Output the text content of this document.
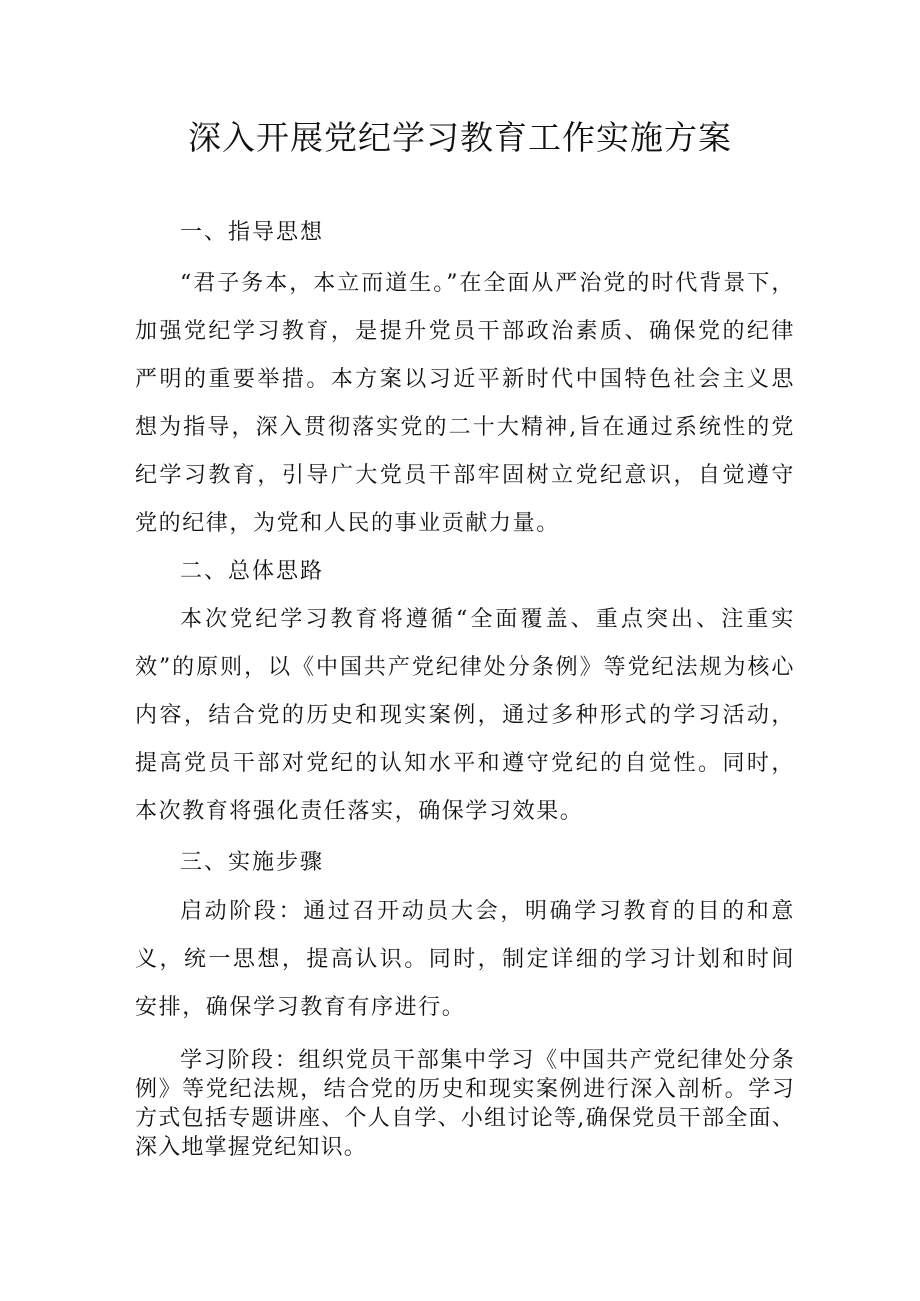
深入开展党纪学习教育工作实施方案
一、指导思想

“君子务本，本立而道生。”在全面从严治党的时代背景下，加强党纪学习教育，是提升党员干部政治素质、确保党的纪律严明的重要举措。本方案以习近平新时代中国特色社会主义思想为指导，深入贯彻落实党的二十大精神,旨在通过系统性的党纪学习教育，引导广大党员干部牢固树立党纪意识，自觉遵守党的纪律，为党和人民的事业贡献力量。

二、总体思路

本次党纪学习教育将遵循“全面覆盖、重点突出、注重实效”的原则，以《中国共产党纪律处分条例》等党纪法规为核心内容，结合党的历史和现实案例，通过多种形式的学习活动，提高党员干部对党纪的认知水平和遵守党纪的自觉性。同时，本次教育将强化责任落实，确保学习效果。

三、实施步骤

启动阶段：通过召开动员大会，明确学习教育的目的和意义，统一思想，提高认识。同时，制定详细的学习计划和时间安排，确保学习教育有序进行。

学习阶段：组织党员干部集中学习《中国共产党纪律处分条例》等党纪法规，结合党的历史和现实案例进行深入剖析。学习方式包括专题讲座、个人自学、小组讨论等,确保党员干部全面、深入地掌握党纪知识。
